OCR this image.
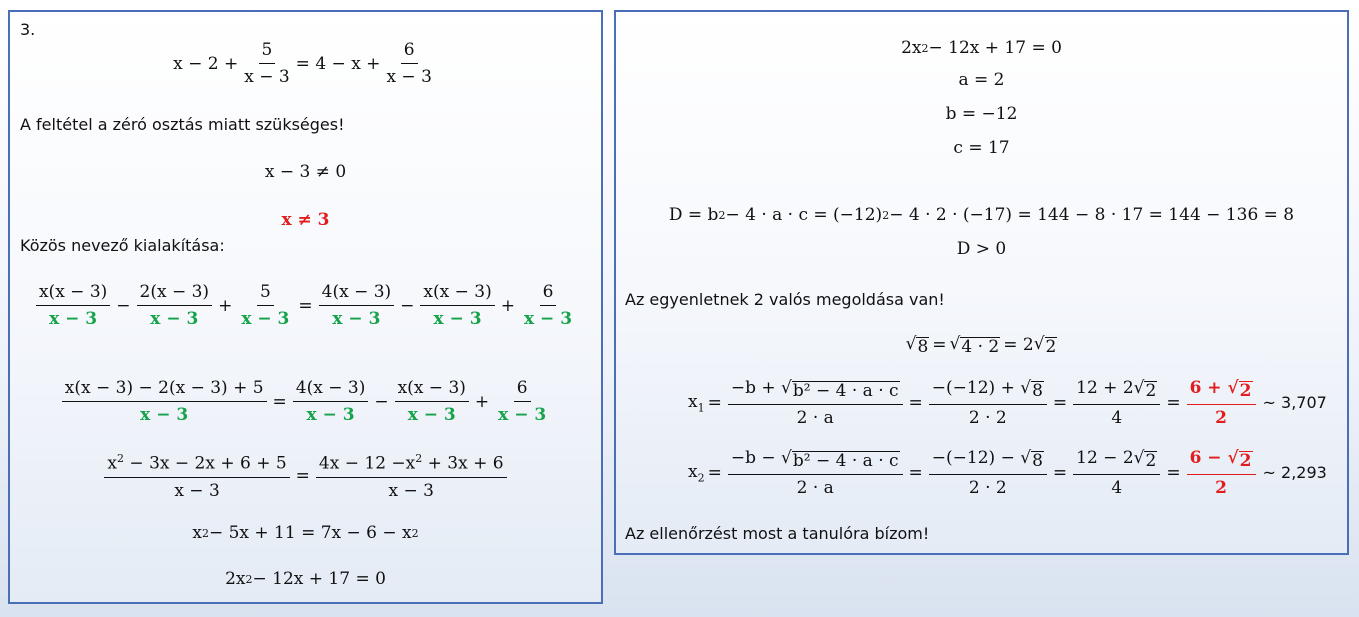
3.
$x - 2 + \frac{5}{x - 3} = 4 - x + \frac{6}{x - 3}$
A feltétel a zéró osztás miatt szükséges!
x − 3 ≠ 0
x ≠ 3
Közös nevező kialakítása:
$\frac{x(x - 3)}{x - 3} - \frac{2(x - 3)}{x - 3} + \frac{5}{x - 3} = \frac{4(x - 3)}{x - 3} - \frac{x(x - 3)}{x - 3} + \frac{6}{x - 3}$
$\frac{x(x - 3) - 2(x - 3) + 5}{x - 3} = \frac{4(x - 3)}{x - 3} - \frac{x(x - 3)}{x - 3} + \frac{6}{x - 3}$
$\frac{x^2 - 3x - 2x + 6 + 5}{x - 3} = \frac{4x - 12 -x^2 + 3x + 6}{x - 3}$
x 2 − 5x + 11 = 7x − 6 − x 2
2x 2 − 12x + 17 = 0
2x 2 − 12x + 17 = 0
a = 2
b = −12
c = 17
D = b 2 − 4 · a · c = (−12) 2 − 4 · 2 · (−17) = 144 − 8 · 17 = 144 − 136 = 8
D > 0
Az egyenletnek 2 valós megoldása van!
√ 8 = √ 4 · 2 = 2 √ 2
$x_1 = \frac{\text{−b + √ b² − 4 · a · c}}{2 \cdot a} = \frac{-(-12) + √ 8}{2 \cdot 2} = \frac{12 + 2 √ 2}{4} = \frac{6 + √ 2}{2}$ ~ 3,707
$x_2 = \frac{\text{−b − √ b² − 4 · a · c}}{2 \cdot a} = \frac{-(-12) - √ 8}{2 \cdot 2} = \frac{12 - 2 √ 2}{4} = \frac{6 - √ 2}{2}$ ~ 2,293
Az ellenőrzést most a tanulóra bízom!
